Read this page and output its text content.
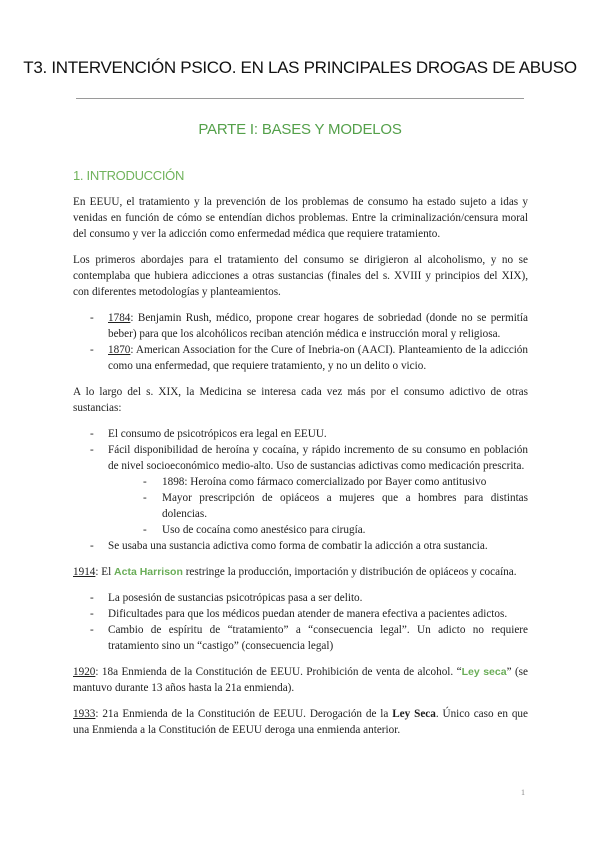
T3. INTERVENCIÓN PSICO. EN LAS PRINCIPALES DROGAS DE ABUSO
PARTE I: BASES Y MODELOS
1. INTRODUCCIÓN

En EEUU, el tratamiento y la prevención de los problemas de consumo ha estado sujeto a idas y venidas en función de cómo se entendían dichos problemas. Entre la criminalización/censura moral del consumo y ver la adicción como enfermedad médica que requiere tratamiento.

Los primeros abordajes para el tratamiento del consumo se dirigieron al alcoholismo, y no se contemplaba que hubiera adicciones a otras sustancias (finales del s. XVIII y principios del XIX), con diferentes metodologías y planteamientos.

- 1784: Benjamin Rush, médico, propone crear hogares de sobriedad (donde no se permitía beber) para que los alcohólicos reciban atención médica e instrucción moral y religiosa.
- 1870: American Association for the Cure of Inebria-on (AACI). Planteamiento de la adicción como una enfermedad, que requiere tratamiento, y no un delito o vicio.

A lo largo del s. XIX, la Medicina se interesa cada vez más por el consumo adictivo de otras sustancias:

- El consumo de psicotrópicos era legal en EEUU.
- Fácil disponibilidad de heroína y cocaína, y rápido incremento de su consumo en población de nivel socioeconómico medio-alto. Uso de sustancias adictivas como medicación prescrita.
- 1898: Heroína como fármaco comercializado por Bayer como antitusivo
- Mayor prescripción de opiáceos a mujeres que a hombres para distintas dolencias.
- Uso de cocaína como anestésico para cirugía.
- Se usaba una sustancia adictiva como forma de combatir la adicción a otra sustancia.

1914: El Acta Harrison restringe la producción, importación y distribución de opiáceos y cocaína.

- La posesión de sustancias psicotrópicas pasa a ser delito.
- Dificultades para que los médicos puedan atender de manera efectiva a pacientes adictos.
- Cambio de espíritu de “tratamiento” a “consecuencia legal”. Un adicto no requiere tratamiento sino un “castigo” (consecuencia legal)

1920: 18a Enmienda de la Constitución de EEUU. Prohibición de venta de alcohol. “Ley seca” (se mantuvo durante 13 años hasta la 21a enmienda).

1933: 21a Enmienda de la Constitución de EEUU. Derogación de la Ley Seca. Único caso en que una Enmienda a la Constitución de EEUU deroga una enmienda anterior.

1
